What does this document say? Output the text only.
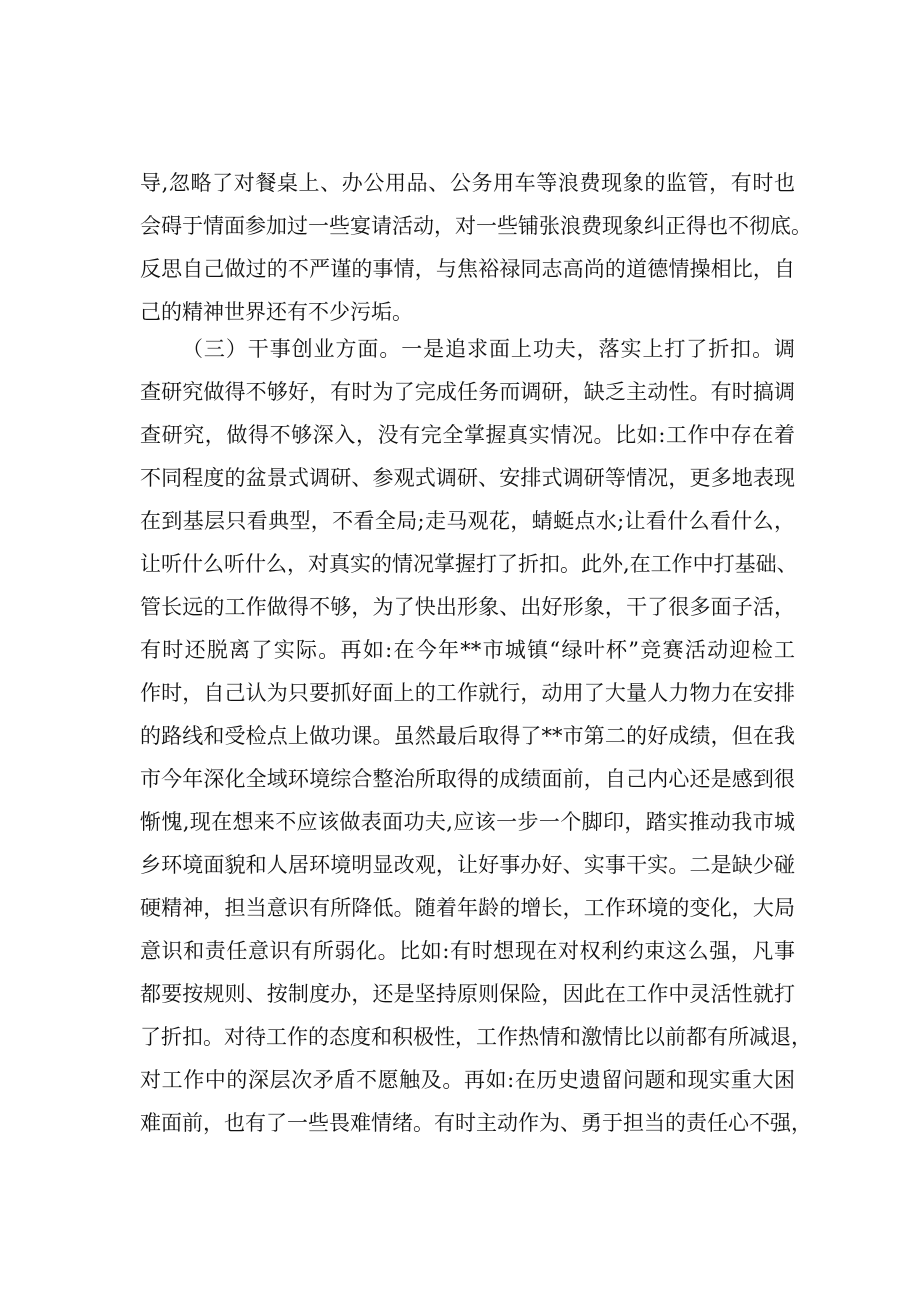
导,忽略了对餐桌上、办公用品、公务用车等浪费现象的监管，有时也
会碍于情面参加过一些宴请活动，对一些铺张浪费现象纠正得也不彻底。
反思自己做过的不严谨的事情，与焦裕禄同志高尚的道德情操相比，自
己的精神世界还有不少污垢。
（三）干事创业方面。一是追求面上功夫，落实上打了折扣。调
查研究做得不够好，有时为了完成任务而调研，缺乏主动性。有时搞调
查研究，做得不够深入，没有完全掌握真实情况。比如:工作中存在着
不同程度的盆景式调研、参观式调研、安排式调研等情况，更多地表现
在到基层只看典型，不看全局;走马观花，蜻蜓点水;让看什么看什么，
让听什么听什么，对真实的情况掌握打了折扣。此外,在工作中打基础、
管长远的工作做得不够，为了快出形象、出好形象，干了很多面子活，
有时还脱离了实际。再如:在今年**市城镇“绿叶杯”竞赛活动迎检工
作时，自己认为只要抓好面上的工作就行，动用了大量人力物力在安排
的路线和受检点上做功课。虽然最后取得了**市第二的好成绩，但在我
市今年深化全域环境综合整治所取得的成绩面前，自己内心还是感到很
惭愧,现在想来不应该做表面功夫,应该一步一个脚印，踏实推动我市城
乡环境面貌和人居环境明显改观，让好事办好、实事干实。二是缺少碰
硬精神，担当意识有所降低。随着年龄的增长，工作环境的变化，大局
意识和责任意识有所弱化。比如:有时想现在对权利约束这么强，凡事
都要按规则、按制度办，还是坚持原则保险，因此在工作中灵活性就打
了折扣。对待工作的态度和积极性，工作热情和激情比以前都有所减退，
对工作中的深层次矛盾不愿触及。再如:在历史遗留问题和现实重大困
难面前，也有了一些畏难情绪。有时主动作为、勇于担当的责任心不强，
